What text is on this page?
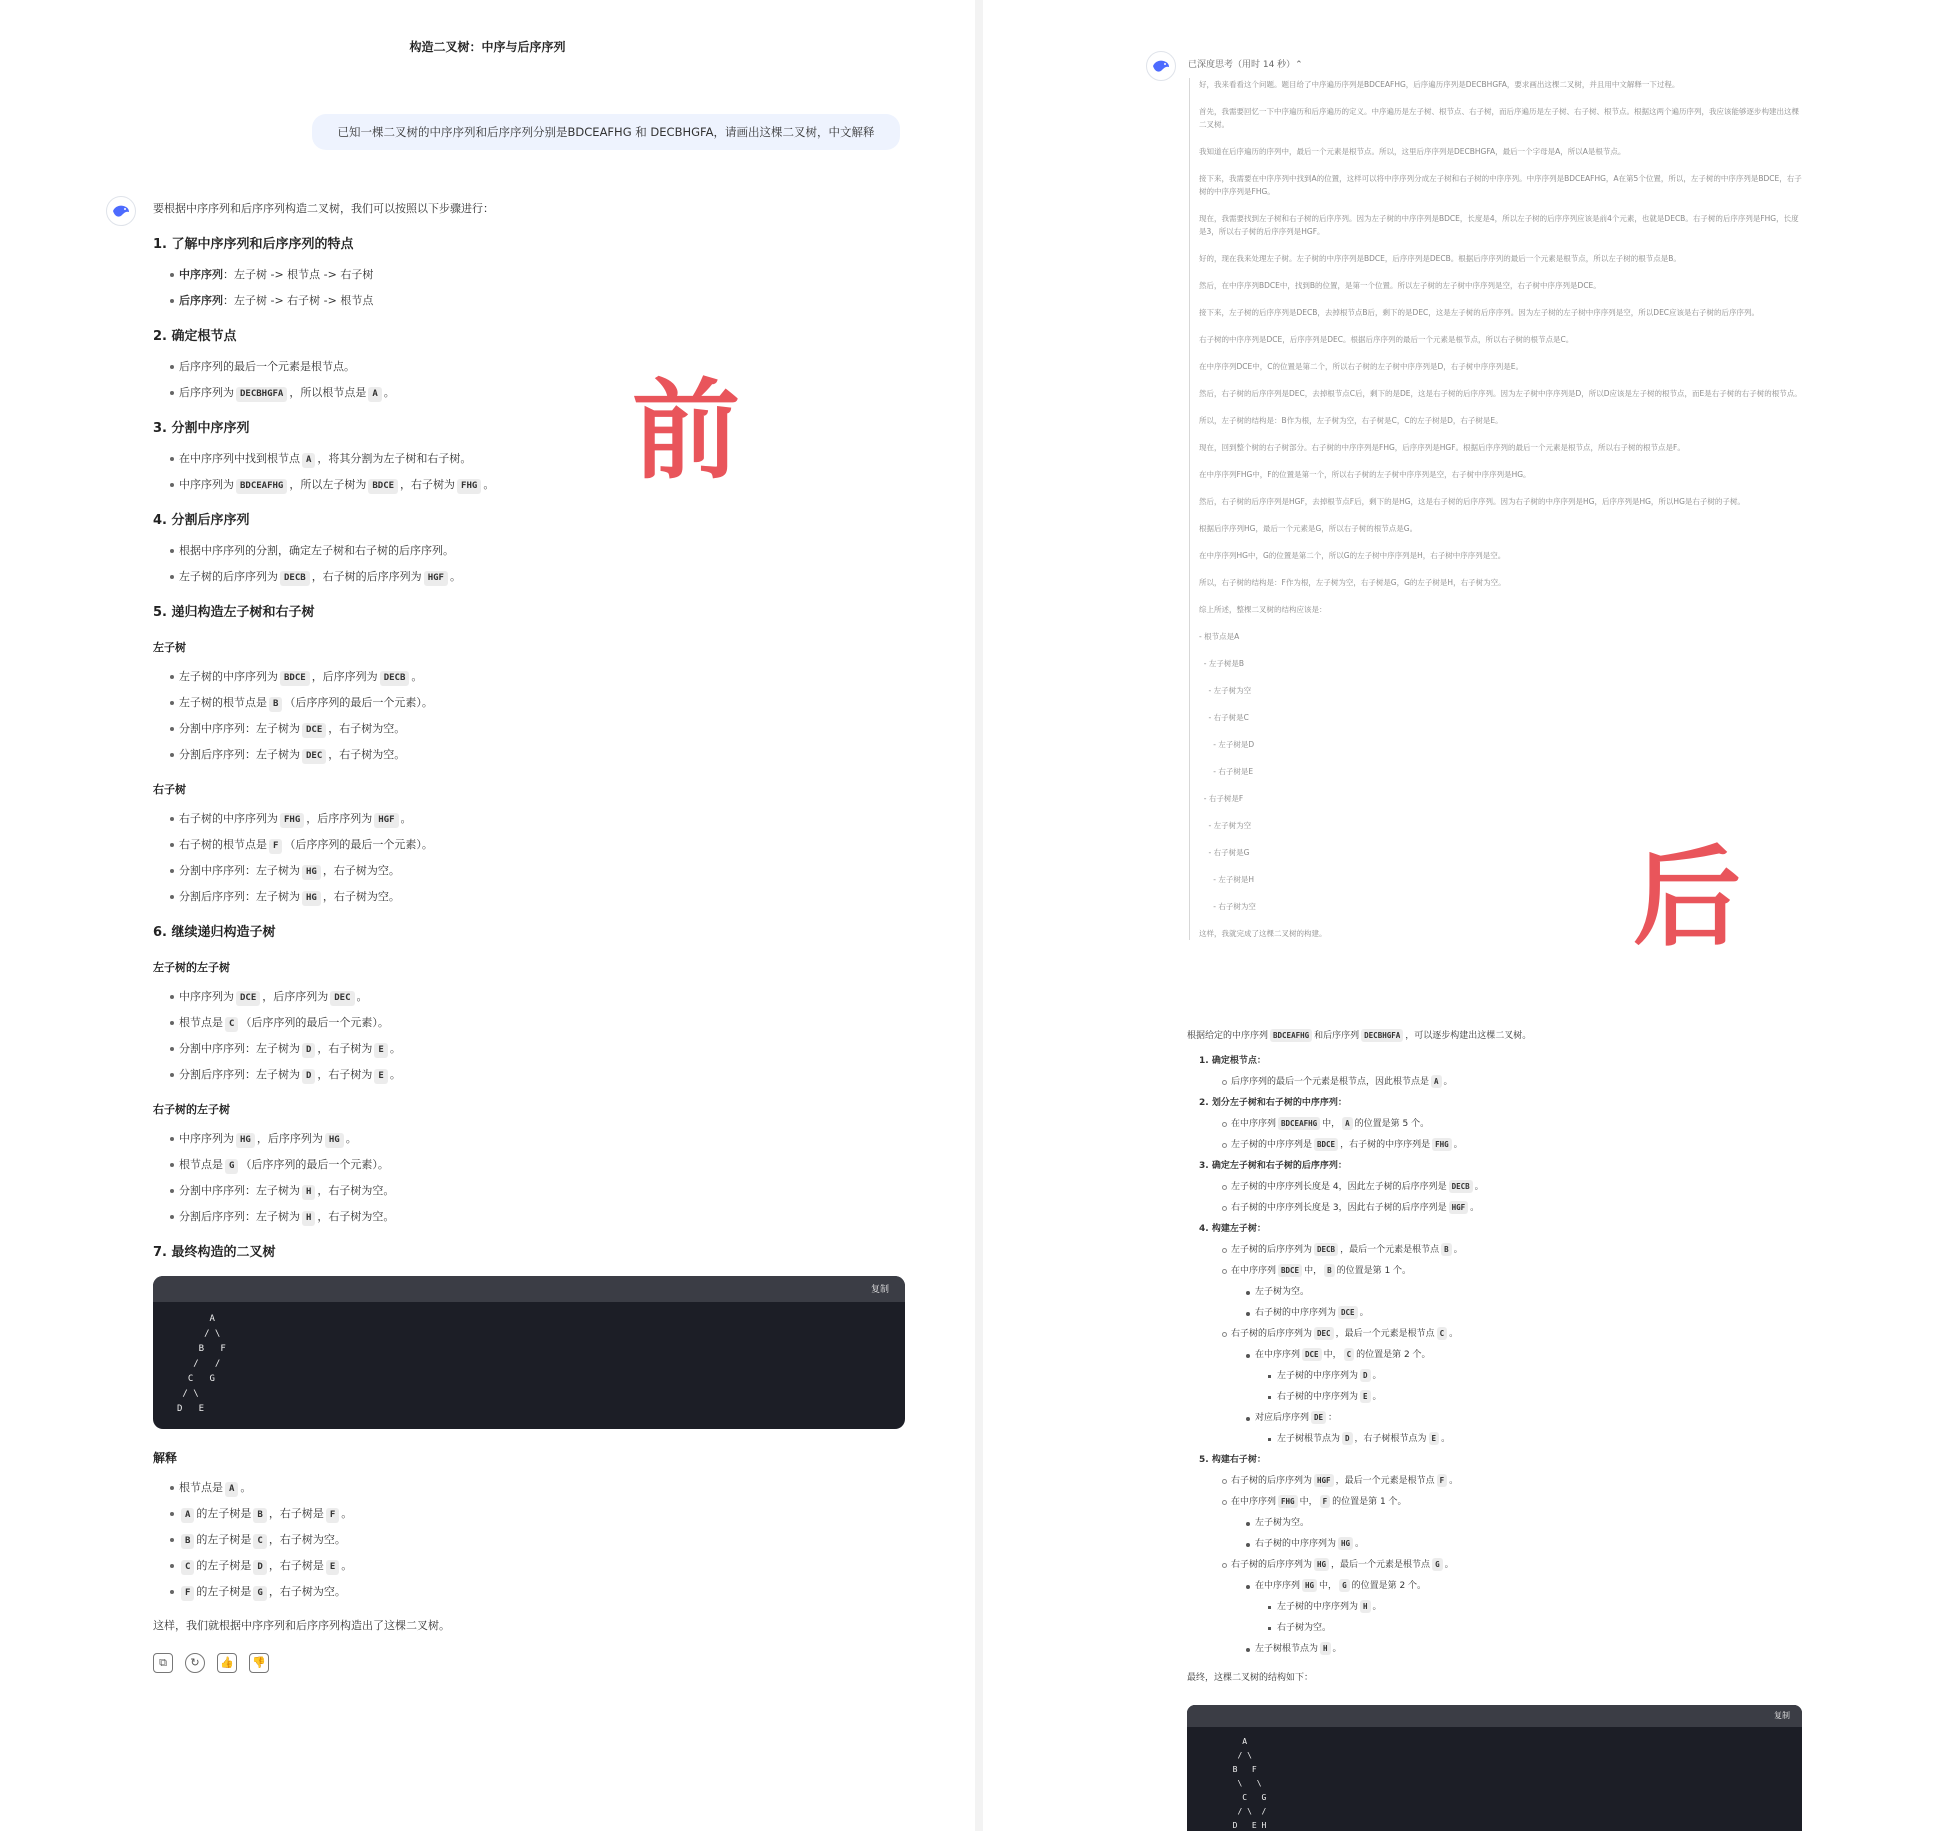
构造二叉树：中序与后序序列
已知一棵二叉树的中序序列和后序序列分别是BDCEAFHG 和 DECBHGFA，请画出这棵二叉树，中文解释
前

要根据中序序列和后序序列构造二叉树，我们可以按照以下步骤进行：

1. 了解中序序列和后序序列的特点
中序序列：左子树 -> 根节点 -> 右子树
后序序列：左子树 -> 右子树 -> 根节点
2. 确定根节点
后序序列的最后一个元素是根节点。
后序序列为 DECBHGFA ，所以根节点是 A 。
3. 分割中序序列
在中序序列中找到根节点 A ，将其分割为左子树和右子树。
中序序列为 BDCEAFHG ，所以左子树为 BDCE ，右子树为 FHG 。
4. 分割后序序列
根据中序序列的分割，确定左子树和右子树的后序序列。
左子树的后序序列为 DECB ，右子树的后序序列为 HGF 。
5. 递归构造左子树和右子树
左子树
左子树的中序序列为 BDCE ，后序序列为 DECB 。
左子树的根节点是 B （后序序列的最后一个元素）。
分割中序序列：左子树为 DCE ，右子树为空。
分割后序序列：左子树为 DEC ，右子树为空。
右子树
右子树的中序序列为 FHG ，后序序列为 HGF 。
右子树的根节点是 F （后序序列的最后一个元素）。
分割中序序列：左子树为 HG ，右子树为空。
分割后序序列：左子树为 HG ，右子树为空。
6. 继续递归构造子树
左子树的左子树
中序序列为 DCE ，后序序列为 DEC 。
根节点是 C （后序序列的最后一个元素）。
分割中序序列：左子树为 D ，右子树为 E 。
分割后序序列：左子树为 D ，右子树为 E 。
右子树的左子树
中序序列为 HG ，后序序列为 HG 。
根节点是 G （后序序列的最后一个元素）。
分割中序序列：左子树为 H ，右子树为空。
分割后序序列：左子树为 H ，右子树为空。
7. 最终构造的二叉树
复制
A
/ \
B   F
/   /
C   G
/ \
D   E
解释
根节点是 A 。
A 的左子树是 B ，右子树是 F 。
B 的左子树是 C ，右子树为空。
C 的左子树是 D ，右子树是 E 。
F 的左子树是 G ，右子树为空。

这样，我们就根据中序序列和后序序列构造出了这棵二叉树。

⧉	↻	👍 👎
已深度思考（用时 14 秒）⌃
后

好，我来看看这个问题。题目给了中序遍历序列是BDCEAFHG，后序遍历序列是DECBHGFA，要求画出这棵二叉树，并且用中文解释一下过程。

首先，我需要回忆一下中序遍历和后序遍历的定义。中序遍历是左子树、根节点、右子树，而后序遍历是左子树、右子树、根节点。根据这两个遍历序列，我应该能够逐步构建出这棵二叉树。

我知道在后序遍历的序列中，最后一个元素是根节点。所以，这里后序序列是DECBHGFA，最后一个字母是A，所以A是根节点。

接下来，我需要在中序序列中找到A的位置，这样可以将中序序列分成左子树和右子树的中序序列。中序序列是BDCEAFHG，A在第5个位置，所以，左子树的中序序列是BDCE，右子树的中序序列是FHG。

现在，我需要找到左子树和右子树的后序序列。因为左子树的中序序列是BDCE，长度是4，所以左子树的后序序列应该是前4个元素，也就是DECB。右子树的后序序列是FHG，长度是3，所以右子树的后序序列是HGF。

好的，现在我来处理左子树。左子树的中序序列是BDCE，后序序列是DECB。根据后序序列的最后一个元素是根节点，所以左子树的根节点是B。

然后，在中序序列BDCE中，找到B的位置，是第一个位置。所以左子树的左子树中序序列是空，右子树中序序列是DCE。

接下来，左子树的后序序列是DECB，去掉根节点B后，剩下的是DEC，这是左子树的后序序列。因为左子树的左子树中序序列是空，所以DEC应该是右子树的后序序列。

右子树的中序序列是DCE，后序序列是DEC。根据后序序列的最后一个元素是根节点，所以右子树的根节点是C。

在中序序列DCE中，C的位置是第二个，所以右子树的左子树中序序列是D，右子树中序序列是E。

然后，右子树的后序序列是DEC，去掉根节点C后，剩下的是DE，这是右子树的后序序列。因为左子树中序序列是D，所以D应该是左子树的根节点，而E是右子树的右子树的根节点。

所以，左子树的结构是：B作为根，左子树为空，右子树是C，C的左子树是D，右子树是E。

现在，回到整个树的右子树部分。右子树的中序序列是FHG，后序序列是HGF。根据后序序列的最后一个元素是根节点，所以右子树的根节点是F。

在中序序列FHG中，F的位置是第一个，所以右子树的左子树中序序列是空，右子树中序序列是HG。

然后，右子树的后序序列是HGF，去掉根节点F后，剩下的是HG，这是右子树的后序序列。因为右子树的中序序列是HG，后序序列是HG，所以HG是右子树的子树。

根据后序序列HG，最后一个元素是G，所以右子树的根节点是G。

在中序序列HG中，G的位置是第二个，所以G的左子树中序序列是H，右子树中序序列是空。

所以，右子树的结构是：F作为根，左子树为空，右子树是G，G的左子树是H，右子树为空。

综上所述，整棵二叉树的结构应该是：

- 根节点是A
- 左子树是B
- 左子树为空
- 右子树是C
- 左子树是D
- 右子树是E
- 右子树是F
- 左子树为空
- 右子树是G
- 左子树是H
- 右子树为空

这样，我就完成了这棵二叉树的构建。

根据给定的中序序列 BDCEAFHG 和后序序列 DECBHGFA ，可以逐步构建出这棵二叉树。

1. 确定根节点：
后序序列的最后一个元素是根节点，因此根节点是 A 。
2. 划分左子树和右子树的中序序列：
在中序序列 BDCEAFHG 中， A 的位置是第 5 个。
左子树的中序序列是 BDCE ，右子树的中序序列是 FHG 。
3. 确定左子树和右子树的后序序列：
左子树的中序序列长度是 4，因此左子树的后序序列是 DECB 。
右子树的中序序列长度是 3，因此右子树的后序序列是 HGF 。
4. 构建左子树：
左子树的后序序列为 DECB ，最后一个元素是根节点 B 。
在中序序列 BDCE 中， B 的位置是第 1 个。
左子树为空。
右子树的中序序列为 DCE 。
右子树的后序序列为 DEC ，最后一个元素是根节点 C 。
在中序序列 DCE 中， C 的位置是第 2 个。
左子树的中序序列为 D 。
右子树的中序序列为 E 。
对应后序序列 DE ：
左子树根节点为 D ，右子树根节点为 E 。
5. 构建右子树：
右子树的后序序列为 HGF ，最后一个元素是根节点 F 。
在中序序列 FHG 中， F 的位置是第 1 个。
左子树为空。
右子树的中序序列为 HG 。
右子树的后序序列为 HG ，最后一个元素是根节点 G 。
在中序序列 HG 中， G 的位置是第 2 个。
左子树的中序序列为 H 。
右子树为空。
左子树根节点为 H 。

最终，这棵二叉树的结构如下：

复制
A
/ \
B   F
\   \
C   G
/ \  /
D   E H
